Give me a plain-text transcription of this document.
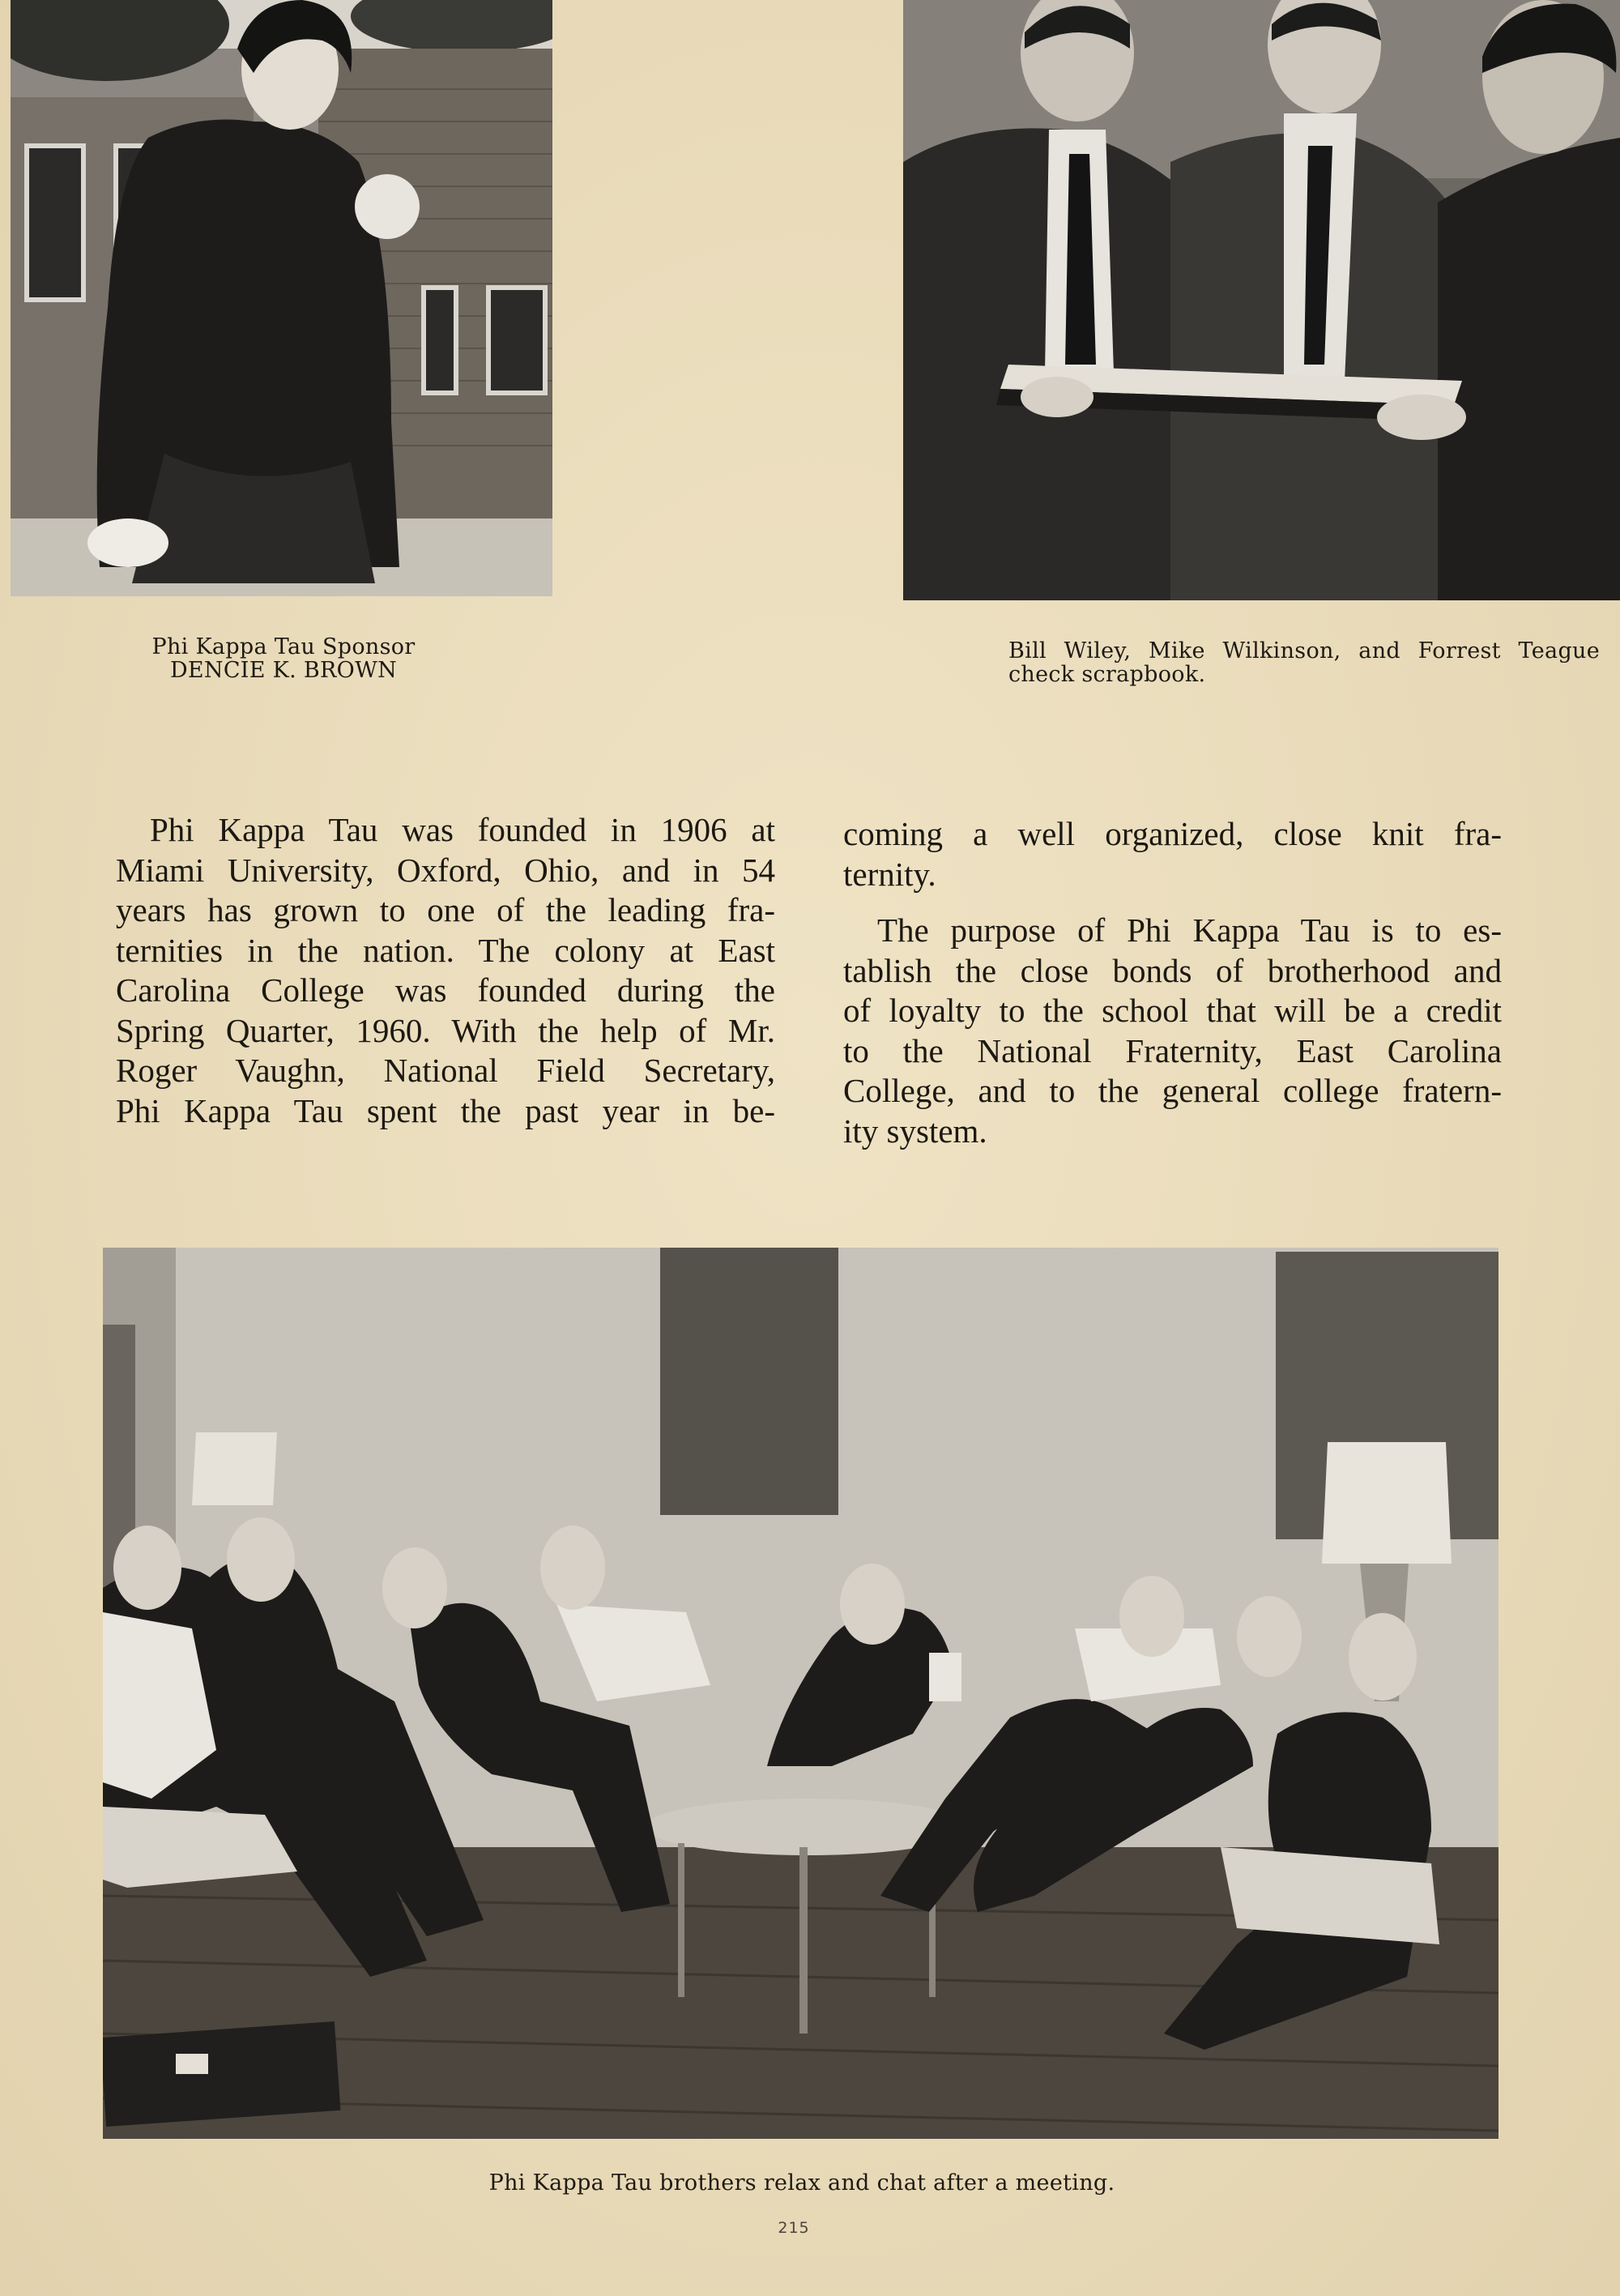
Phi Kappa Tau Sponsor
DENCIE K. BROWN
Bill Wiley, Mike Wilkinson, and Forrest Teague
check scrapbook.
Phi Kappa Tau was founded in 1906 at
Miami University, Oxford, Ohio, and in 54
years has grown to one of the leading fra-
ternities in the nation. The colony at East
Carolina College was founded during the
Spring Quarter, 1960. With the help of Mr.
Roger Vaughn, National Field Secretary,
Phi Kappa Tau spent the past year in be-
coming a well organized, close knit fra-
ternity.
The purpose of Phi Kappa Tau is to es-
tablish the close bonds of brotherhood and
of loyalty to the school that will be a credit
to the National Fraternity, East Carolina
College, and to the general college fratern-
ity system.
Phi Kappa Tau brothers relax and chat after a meeting.
215
